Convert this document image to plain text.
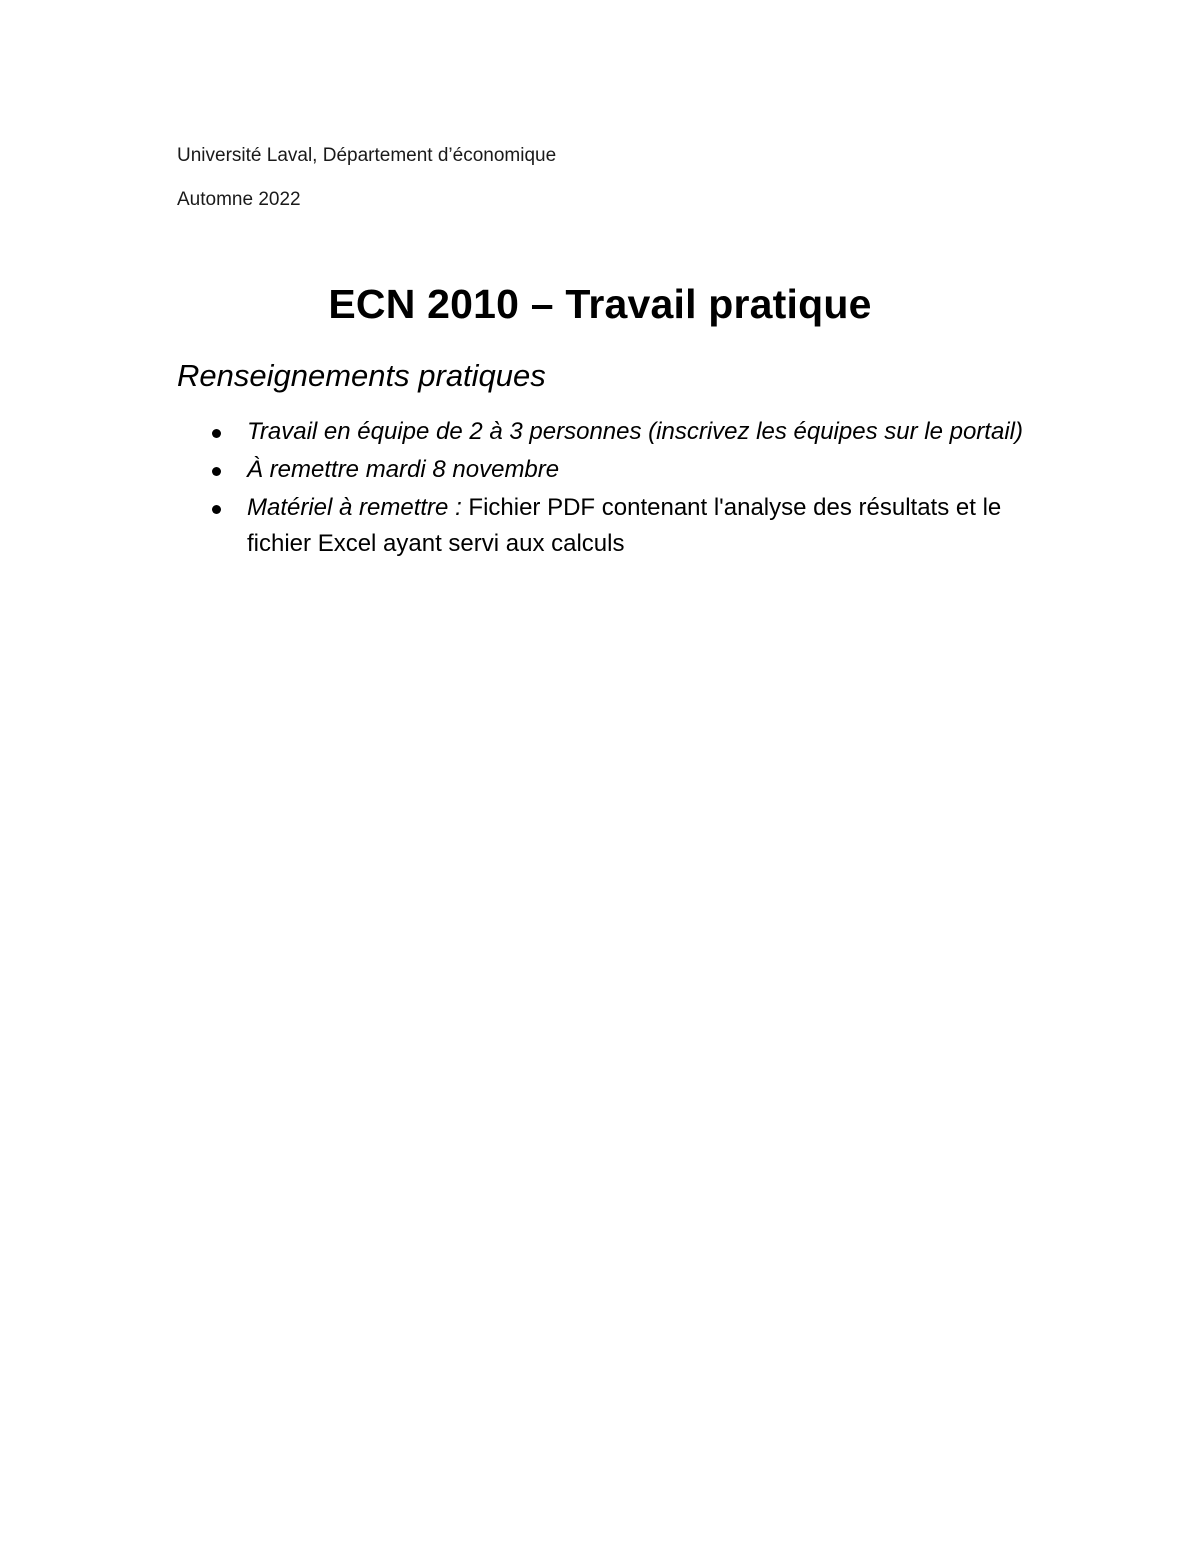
Université Laval, Département d’économique
Automne 2022
ECN 2010 – Travail pratique
Renseignements pratiques
Travail en équipe de 2 à 3 personnes (inscrivez les équipes sur le portail)
À remettre mardi 8 novembre
Matériel à remettre : Fichier PDF contenant l'analyse des résultats et le fichier Excel ayant servi aux calculs
